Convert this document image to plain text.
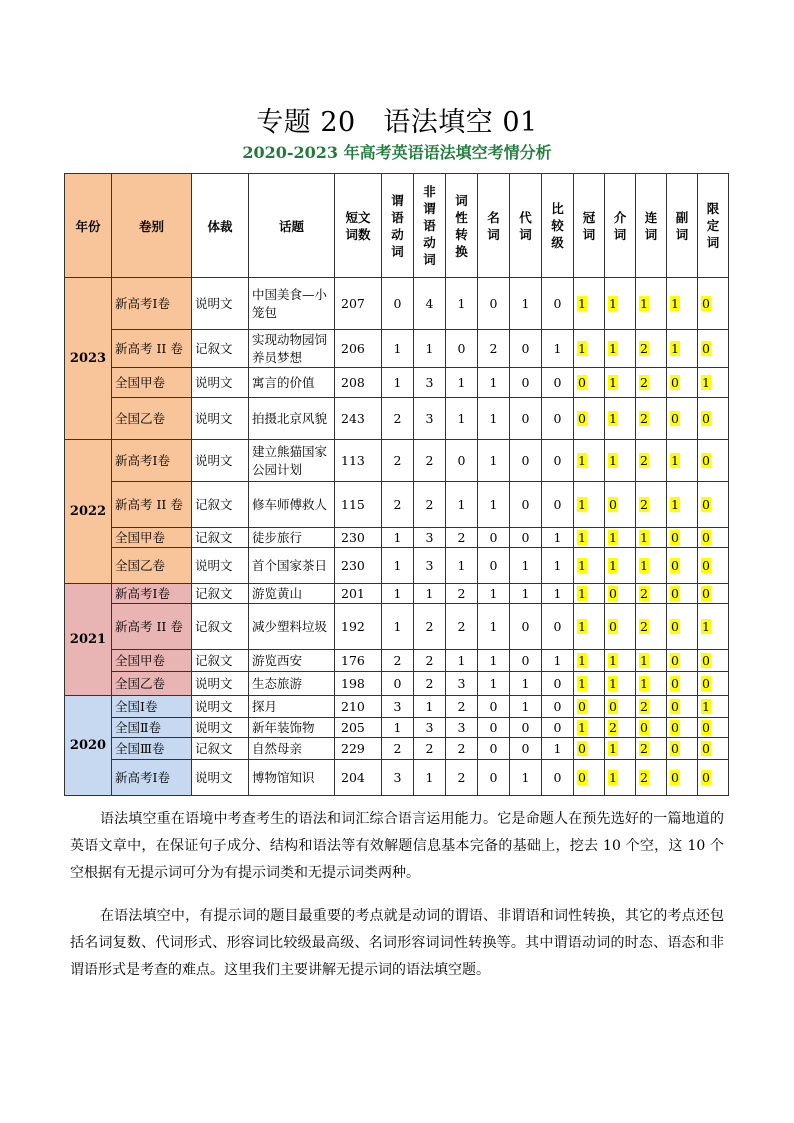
专题 20　语法填空 01
2020-2023 年高考英语语法填空考情分析
年份	卷别	体裁	话题	短文词数	谓语动词	非谓语动词	词性转换	名词	代词	比较级	冠词	介词	连词	副词	限定词
2023	新高考Ⅰ卷	说明文	中国美食—小笼包	207	0	4	1	0	1	0	1	1	1	1	0
	新高考 II 卷	记叙文	实现动物园饲养员梦想	206	1	1	0	2	0	1	1	1	2	1	0
	全国甲卷	说明文	寓言的价值	208	1	3	1	1	0	0	0	1	2	0	1
	全国乙卷	说明文	拍摄北京风貌	243	2	3	1	1	0	0	0	1	2	0	0
2022	新高考Ⅰ卷	说明文	建立熊猫国家公园计划	113	2	2	0	1	0	0	1	1	2	1	0
	新高考 II 卷	记叙文	修车师傅救人	115	2	2	1	1	0	0	1	0	2	1	0
	全国甲卷	记叙文	徒步旅行	230	1	3	2	0	0	1	1	1	1	0	0
	全国乙卷	说明文	首个国家茶日	230	1	3	1	0	1	1	1	1	1	0	0
2021	新高考Ⅰ卷	记叙文	游览黄山	201	1	1	2	1	1	1	1	0	2	0	0
	新高考 II 卷	记叙文	减少塑料垃圾	192	1	2	2	1	0	0	1	0	2	0	1
	全国甲卷	记叙文	游览西安	176	2	2	1	1	0	1	1	1	1	0	0
	全国乙卷	说明文	生态旅游	198	0	2	3	1	1	0	1	1	1	0	0
2020	全国Ⅰ卷	说明文	探月	210	3	1	2	0	1	0	0	0	2	0	1
	全国Ⅱ卷	说明文	新年装饰物	205	1	3	3	0	0	0	1	2	0	0	0
	全国Ⅲ卷	记叙文	自然母亲	229	2	2	2	0	0	1	0	1	2	0	0
	新高考Ⅰ卷	说明文	博物馆知识	204	3	1	2	0	1	0	0	1	2	0	0
语法填空重在语境中考查考生的语法和词汇综合语言运用能力。它是命题人在预先选好的一篇地道的英语文章中，在保证句子成分、结构和语法等有效解题信息基本完备的基础上，挖去 10 个空，这 10 个空根据有无提示词可分为有提示词类和无提示词类两种。
在语法填空中，有提示词的题目最重要的考点就是动词的谓语、非谓语和词性转换，其它的考点还包括名词复数、代词形式、形容词比较级最高级、名词形容词词性转换等。其中谓语动词的时态、语态和非谓语形式是考查的难点。这里我们主要讲解无提示词的语法填空题。
